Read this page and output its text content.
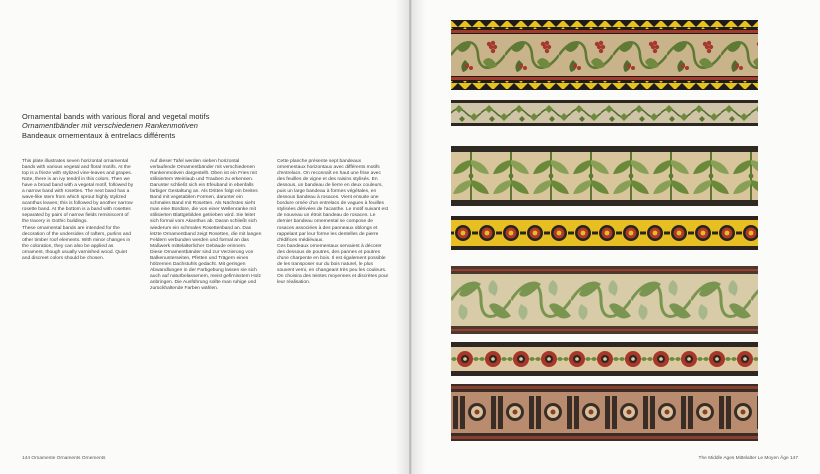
Ornamental bands with various floral and vegetal motifs
Ornamentbänder mit verschiedenen Rankenmotiven
Bandeaux ornementaux à entrelacs différents

This plate illustrates seven horizontal ornamental bands with various vegetal and floral motifs. At the top is a frieze with stylized vine-leaves and grapes. Note, there is an ivy tendril in this colors. Then we have a broad band with a vegetal motif, followed by a narrow band with rosettes. The next band has a wave-like stem from which sprout highly stylized acanthus leaves; this is followed by another narrow rosette band. At the bottom is a band with rosettes separated by pairs of narrow fields reminiscent of the tracery in Gothic buildings.
These ornamental bands are intended for the decoration of the undersides of rafters, purlins and other timber roof elements. With minor changes in the coloration, they can also be applied as ornament, though usually varnished wood. Quiet and discreet colors should be chosen.

Auf dieser Tafel werden sieben horizontal verlaufende Ornamentbänder mit verschiedenen Rankenmotiven dargestellt. Oben ist ein Fries mit stilisiertem Weinlaub und Trauben zu erkennen. Darunter schließt sich ein Efeuband in ebenfalls farbiger Gestaltung an. Als Drittes folgt ein breites Band mit vegetabilen Formen, darunter ein schmales Band mit Rosetten. Als Nächstes sieht man eine Bordüre, die von einer Wellenranke mit stilisierten Blattgebilden getrieben wird. Sie leitet sich formal vom Akanthus ab. Daran schließt sich wiederum ein schmales Rosettenband an. Das letzte Ornamentband zeigt Rosetten, die mit langen Feldern verbunden werden und formal an das Maßwerk mittelalterlicher Gebäude erinnern.
Diese Ornamentbänder sind zur Verzierung von Balkenunterseiten, Pfetten und Trägern eines hölzernen Dachstuhls gedacht. Mit geringen Abwandlungen in der Farbgebung lassen sie sich auch auf naturbelassenem, meist gefirnisstem Holz anbringen. Die Ausführung sollte man ruhige und zurückhaltende Farben wählen.

Cette planche présente sept bandeaux ornementaux horizontaux avec différents motifs d'entrelacs. On reconnaît en haut une frise avec des feuilles de vigne et des raisins stylisés. En dessous, un bandeau de lierre en deux couleurs, puis un large bandeau à formes végétales, en dessous bandeau à rosaces. Vient ensuite une bordure ornée d'un entrelacs de vagues à feuilles stylisées dérivées de l'acanthe. Le motif suivant est de nouveau un étroit bandeau de rosaces. Le dernier bandeau ornemental se compose de rosaces associées à des panneaux oblongs et rappelant par leur forme les dentelles de pierre d'édifices médiévaux.
Ces bandeaux ornementaux servaient à décorer des dessous de poutres, des pannes et poutres d'une charpente en bois. Il est également possible de les transposer sur du bois naturel, le plus souvent verni, en changeant très peu les couleurs. On choisira des teintes moyennes et discrètes pour leur réalisation.

144 Ornamente Ornaments Ornements	The Middle Ages Mittelalter Le Moyen Âge 147
